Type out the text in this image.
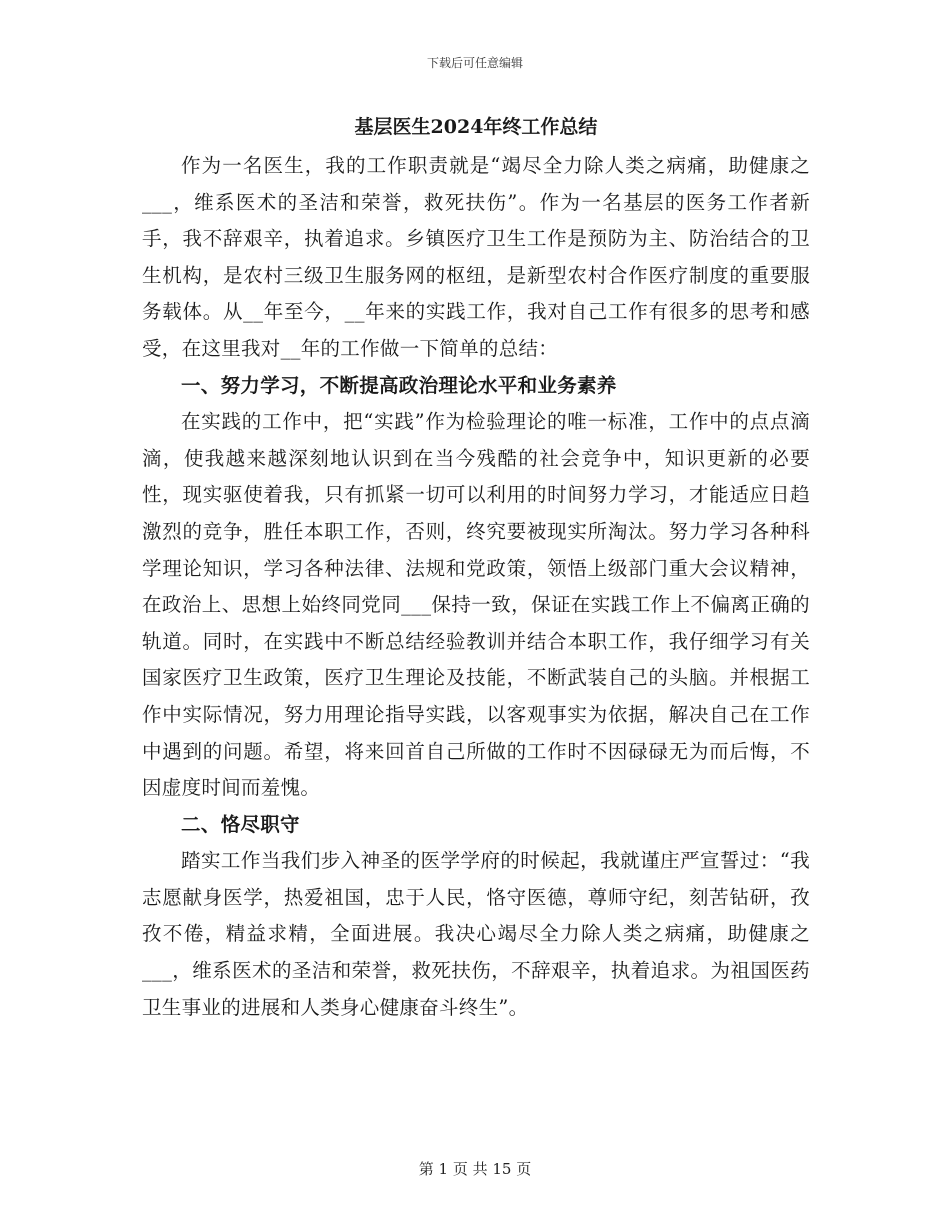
下载后可任意编辑
基层医生2024年终工作总结

作为一名医生，我的工作职责就是“竭尽全力除人类之病痛，助健康之___，维系医术的圣洁和荣誉，救死扶伤”。作为一名基层的医务工作者新手，我不辞艰辛，执着追求。乡镇医疗卫生工作是预防为主、防治结合的卫生机构，是农村三级卫生服务网的枢纽，是新型农村合作医疗制度的重要服务载体。从__年至今，__年来的实践工作，我对自己工作有很多的思考和感受，在这里我对__年的工作做一下简单的总结：

一、努力学习，不断提高政治理论水平和业务素养

在实践的工作中，把“实践”作为检验理论的唯一标准，工作中的点点滴滴，使我越来越深刻地认识到在当今残酷的社会竞争中，知识更新的必要性，现实驱使着我，只有抓紧一切可以利用的时间努力学习，才能适应日趋激烈的竞争，胜任本职工作，否则，终究要被现实所淘汰。努力学习各种科学理论知识，学习各种法律、法规和党政策，领悟上级部门重大会议精神，在政治上、思想上始终同党同___保持一致，保证在实践工作上不偏离正确的轨道。同时，在实践中不断总结经验教训并结合本职工作，我仔细学习有关国家医疗卫生政策，医疗卫生理论及技能，不断武装自己的头脑。并根据工作中实际情况，努力用理论指导实践，以客观事实为依据，解决自己在工作中遇到的问题。希望，将来回首自己所做的工作时不因碌碌无为而后悔，不因虚度时间而羞愧。

二、恪尽职守

踏实工作当我们步入神圣的医学学府的时候起，我就谨庄严宣誓过：“我志愿献身医学，热爱祖国，忠于人民，恪守医德，尊师守纪，刻苦钻研，孜孜不倦，精益求精，全面进展。我决心竭尽全力除人类之病痛，助健康之___，维系医术的圣洁和荣誉，救死扶伤，不辞艰辛，执着追求。为祖国医药卫生事业的进展和人类身心健康奋斗终生”。

第 1 页 共 15 页
